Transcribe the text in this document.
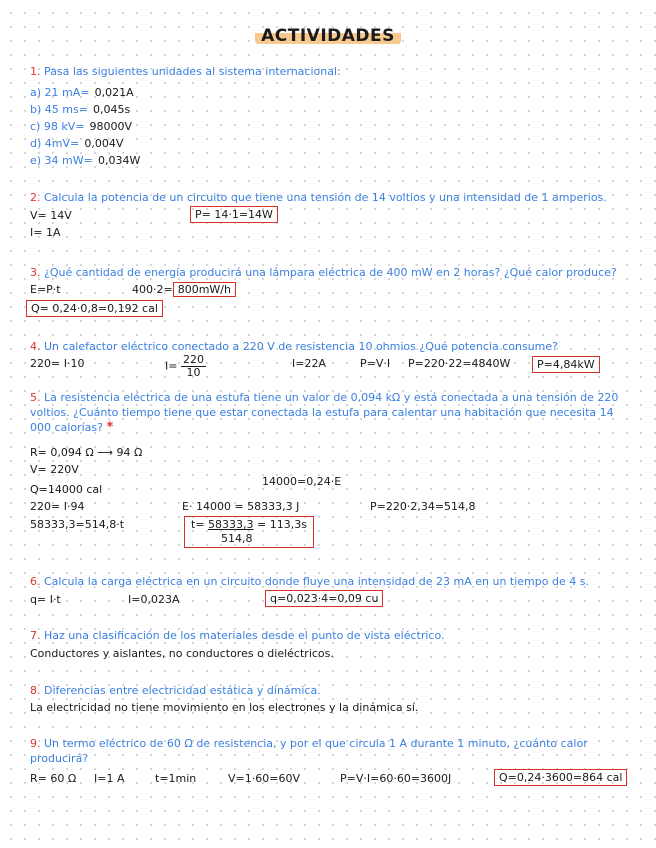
ACTIVIDADES
1. Pasa las siguientes unidades al sistema internacional:
a) 21 mA= 0,021A
b) 45 ms= 0,045s
c) 98 kV= 98000V
d) 4mV= 0,004V
e) 34 mW= 0,034W
2. Calcula la potencia de un circuito que tiene una tensión de 14 voltios y una intensidad de 1 amperios.
V= 14V
I= 1A
P= 14·1=14W
3. ¿Qué cantidad de energía producirá una lámpara eléctrica de 400 mW en 2 horas? ¿Qué calor produce?
E=P·t	400·2= 800mW/h
Q= 0,24·0,8=0,192 cal
4. Un calefactor eléctrico conectado a 220 V de resistencia 10 ohmios ¿Qué potencia consume?
220= I·10	$I= \frac{220}{10}$	I=22A	P=V·I P=220·22=4840W	P=4,84kW
5. La resistencia eléctrica de una estufa tiene un valor de 0,094 kΩ y está conectada a una tensión de 220 voltios. ¿Cuánto tiempo tiene que estar conectada la estufa para calentar una habitación que necesita 14 000 calorías? *
R= 0,094 Ω ⟶ 94 Ω
V= 220V
Q=14000 cal
220= I·94
58333,3=514,8·t
14000=0,24·E
E· 14000 = 58333,3 J	P=220·2,34=514,8
t= 58333,3 = 113,3s
514,8
6. Calcula la carga eléctrica en un circuito donde fluye una intensidad de 23 mA en un tiempo de 4 s.
q= I·t	I=0,023A	q=0,023·4=0,09 cu
7. Haz una clasificación de los materiales desde el punto de vista eléctrico.
Conductores y aislantes, no conductores o dieléctricos.
8. Diferencias entre electricidad estática y dinámica.
La electricidad no tiene movimiento en los electrones y la dinámica sí.
9. Un termo eléctrico de 60 Ω de resistencia, y por el que circula 1 A durante 1 minuto, ¿cuánto calor producirá?
R= 60 Ω I=1 A	t=1min	V=1·60=60V	P=V·I=60·60=3600J	Q=0,24·3600=864 cal
